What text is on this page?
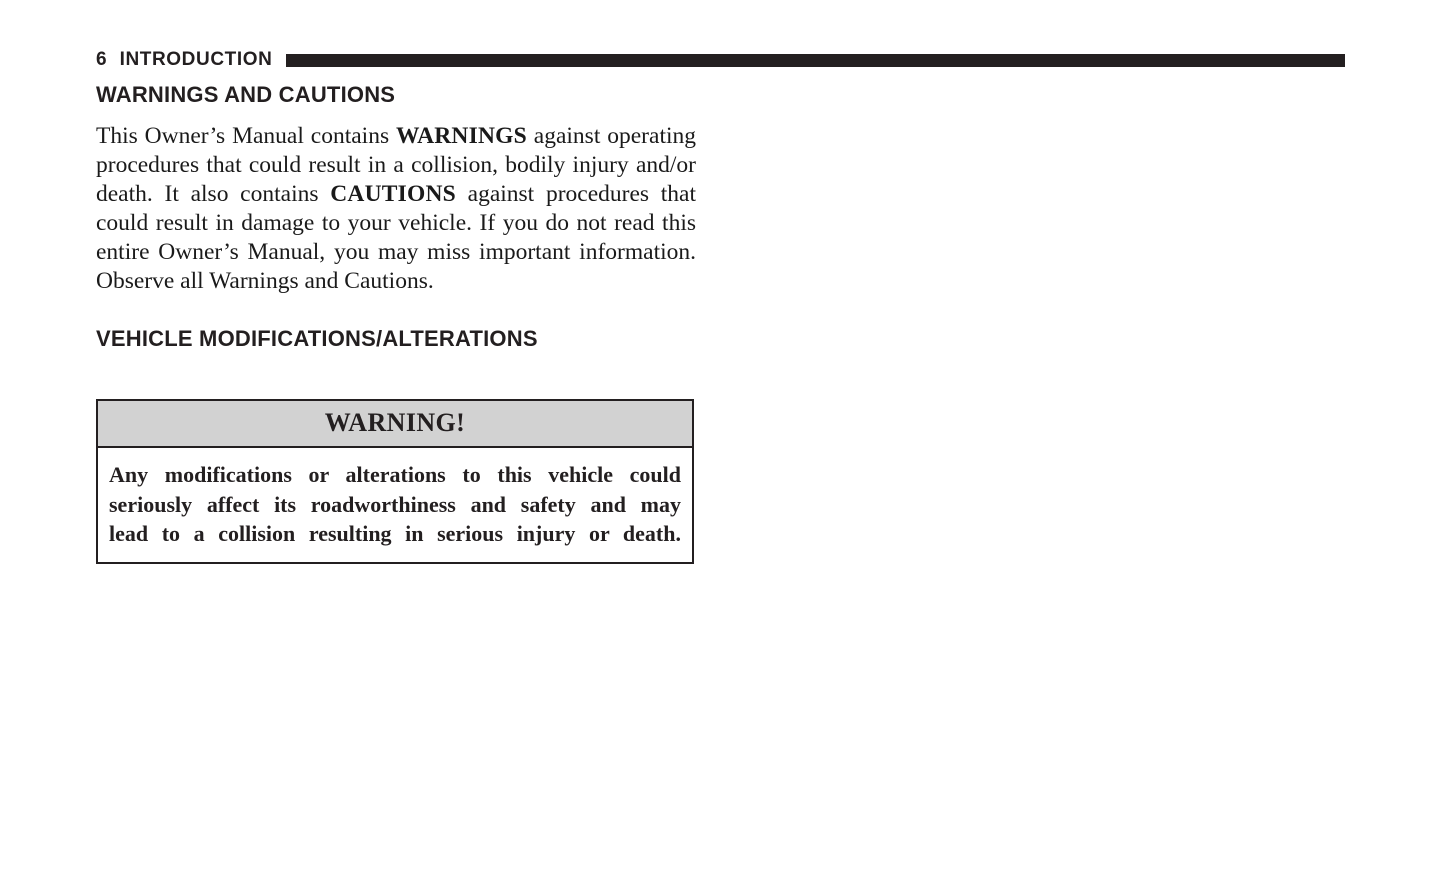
6 INTRODUCTION
WARNINGS AND CAUTIONS

This Owner’s Manual contains WARNINGS against operating procedures that could result in a collision, bodily injury and/or death. It also contains CAUTIONS against procedures that could result in damage to your vehicle. If you do not read this entire Owner’s Manual, you may miss important information. Observe all Warnings and Cautions.

VEHICLE MODIFICATIONS/ALTERATIONS
WARNING!
Any modifications or alterations to this vehicle could
seriously affect its roadworthiness and safety and may
lead to a collision resulting in serious injury or death.
